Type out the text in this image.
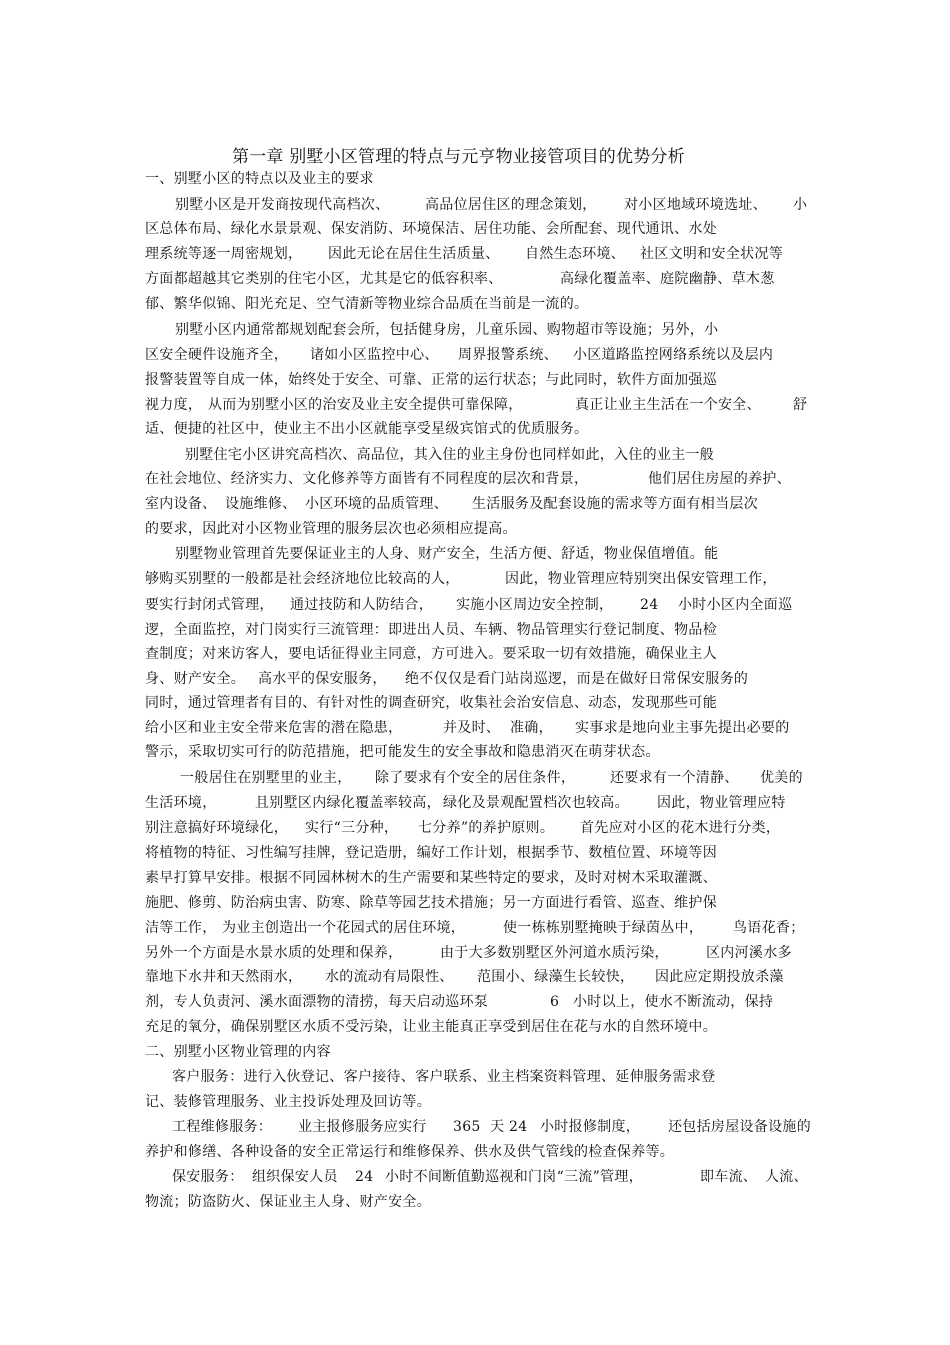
第一章 别墅小区管理的特点与元亨物业接管项目的优势分析
一、别墅小区的特点以及业主的要求
别墅小区是开发商按现代高档次、	高品位居住区的理念策划， 对小区地域环境选址、 小
区总体布局、绿化水景景观、保安消防、环境保洁、居住功能、会所配套、现代通讯、水处
理系统等逐一周密规划， 因此无论在居住生活质量、 自然生态环境、 社区文明和安全状况等
方面都超越其它类别的住宅小区，尤其是它的低容积率、	高绿化覆盖率、庭院幽静、草木葱
郁、繁华似锦、阳光充足、空气清新等物业综合品质在当前是一流的。
别墅小区内通常都规划配套会所，包括健身房，儿童乐园、购物超市等设施；另外，小
区安全硬件设施齐全， 诸如小区监控中心、 周界报警系统、 小区道路监控网络系统以及层内
报警装置等自成一体，始终处于安全、可靠、正常的运行状态；与此同时，软件方面加强巡
视力度， 从而为别墅小区的治安及业主安全提供可靠保障，	真正让业主生活在一个安全、 舒
适、便捷的社区中，使业主不出小区就能享受星级宾馆式的优质服务。
别墅住宅小区讲究高档次、高品位，其入住的业主身份也同样如此，入住的业主一般
在社会地位、经济实力、文化修养等方面皆有不同程度的层次和背景，	他们居住房屋的养护、
室内设备、 设施维修、 小区环境的品质管理、 生活服务及配套设施的需求等方面有相当层次
的要求，因此对小区物业管理的服务层次也必须相应提高。
别墅物业管理首先要保证业主的人身、财产安全，生活方便、舒适，物业保值增值。能
够购买别墅的一般都是社会经济地位比较高的人，	因此，物业管理应特别突出保安管理工作，
要实行封闭式管理， 通过技防和人防结合， 实施小区周边安全控制， 24 小时小区内全面巡
逻，全面监控，对门岗实行三流管理：即进出人员、车辆、物品管理实行登记制度、物品检
查制度；对来访客人，要电话征得业主同意，方可进入。要采取一切有效措施，确保业主人
身、财产安全。 高水平的保安服务， 绝不仅仅是看门站岗巡逻，而是在做好日常保安服务的
同时，通过管理者有目的、有针对性的调查研究，收集社会治安信息、动态，发现那些可能
给小区和业主安全带来危害的潜在隐患，	并及时、 准确， 实事求是地向业主事先提出必要的
警示，采取切实可行的防范措施，把可能发生的安全事故和隐患消灭在萌芽状态。
一般居住在别墅里的业主， 除了要求有个安全的居住条件， 还要求有一个清静、 优美的
生活环境，	且别墅区内绿化覆盖率较高， 绿化及景观配置档次也较高。 因此，物业管理应特
别注意搞好环境绿化， 实行“三分种， 七分养”的养护原则。 首先应对小区的花木进行分类，
将植物的特征、习性编写挂牌，登记造册，编好工作计划，根据季节、数植位置、环境等因
素早打算早安排。根据不同园林树木的生产需要和某些特定的要求，及时对树木采取灌溉、
施肥、修剪、防治病虫害、防寒、除草等园艺技术措施；另一方面进行看管、巡查、维护保
洁等工作， 为业主创造出一个花园式的居住环境，	使一栋栋别墅掩映于绿茵丛中， 鸟语花香；
另外一个方面是水景水质的处理和保养，	由于大多数别墅区外河道水质污染，	区内河溪水多
靠地下水井和天然雨水， 水的流动有局限性、 范围小、绿藻生长较快， 因此应定期投放杀藻
剂，专人负责河、溪水面漂物的清捞，每天启动巡环泵	6 小时以上，使水不断流动，保持
充足的氧分，确保别墅区水质不受污染，让业主能真正享受到居住在花与水的自然环境中。
二、别墅小区物业管理的内容
客户服务：进行入伙登记、客户接待、客户联系、业主档案资料管理、延伸服务需求登
记、装修管理服务、业主投诉处理及回访等。
工程维修服务： 业主报修服务应实行 365 天 24 小时报修制度， 还包括房屋设备设施的
养护和修缮、各种设备的安全正常运行和维修保养、供水及供气管线的检查保养等。
保安服务： 组织保安人员 24 小时不间断值勤巡视和门岗“三流”管理，	即车流、 人流、
物流；防盗防火、保证业主人身、财产安全。
